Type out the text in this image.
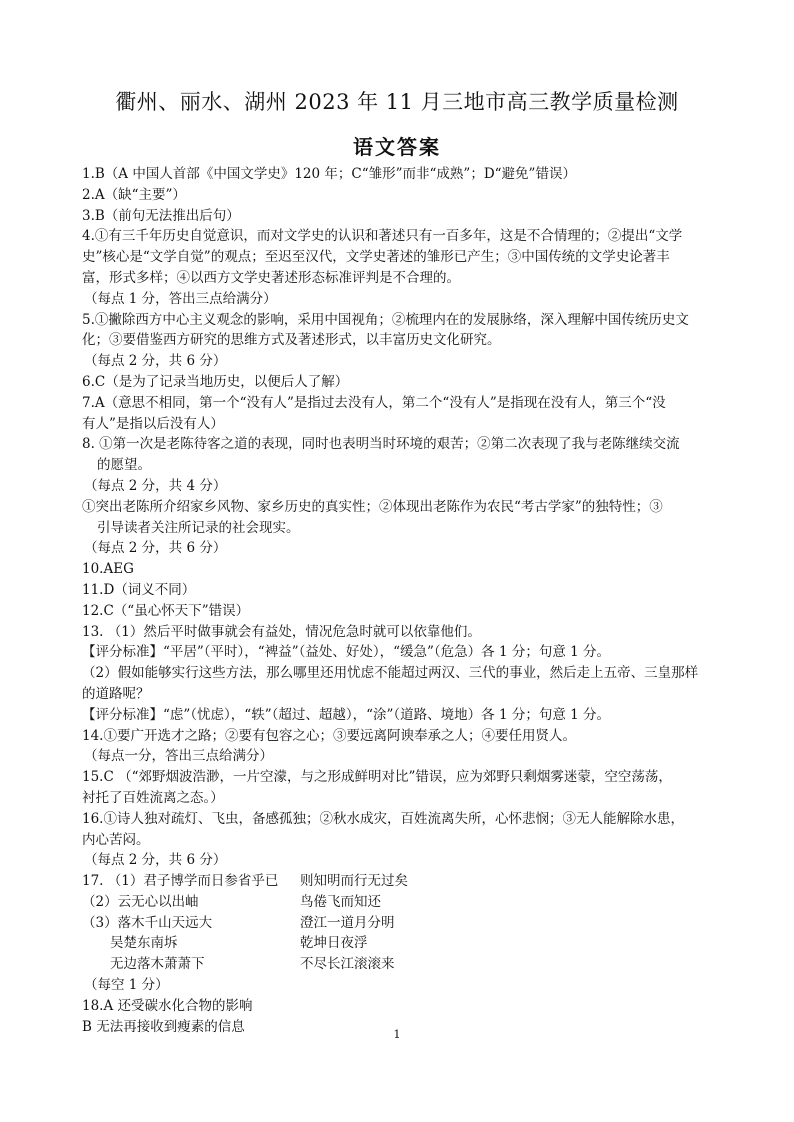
衢州、丽水、湖州 2023 年 11 月三地市高三教学质量检测
语文答案
1.B（A 中国人首部《中国文学史》120 年；C“雏形”而非“成熟”；D“避免”错误）
2.A（缺“主要”）
3.B（前句无法推出后句）
4.①有三千年历史自觉意识，而对文学史的认识和著述只有一百多年，这是不合情理的；②提出“文学
史”核心是“文学自觉”的观点；至迟至汉代，文学史著述的雏形已产生；③中国传统的文学史论著丰
富，形式多样；④以西方文学史著述形态标准评判是不合理的。
（每点 1 分，答出三点给满分）
5.①撇除西方中心主义观念的影响，采用中国视角；②梳理内在的发展脉络，深入理解中国传统历史文
化；③要借鉴西方研究的思维方式及著述形式，以丰富历史文化研究。
（每点 2 分，共 6 分）
6.C（是为了记录当地历史，以便后人了解）
7.A（意思不相同，第一个“没有人”是指过去没有人，第二个“没有人”是指现在没有人，第三个“没
有人”是指以后没有人）
8. ①第一次是老陈待客之道的表现，同时也表明当时环境的艰苦；②第二次表现了我与老陈继续交流
的愿望。
（每点 2 分，共 4 分）
①突出老陈所介绍家乡风物、家乡历史的真实性；②体现出老陈作为农民“考古学家”的独特性；③
引导读者关注所记录的社会现实。
（每点 2 分，共 6 分）
10.AEG
11.D（词义不同）
12.C（“虽心怀天下”错误）
13. （1）然后平时做事就会有益处，情况危急时就可以依靠他们。
【评分标准】“平居”（平时），“裨益”（益处、好处），“缓急”（危急）各 1 分；句意 1 分。
（2）假如能够实行这些方法，那么哪里还用忧虑不能超过两汉、三代的事业，然后走上五帝、三皇那样
的道路呢？
【评分标准】“虑”（忧虑），“轶”（超过、超越），“涂”（道路、境地）各 1 分；句意 1 分。
14.①要广开选才之路；②要有包容之心；③要远离阿谀奉承之人；④要任用贤人。
（每点一分，答出三点给满分）
15.C （“郊野烟波浩渺，一片空濛，与之形成鲜明对比”错误，应为郊野只剩烟雾迷蒙，空空荡荡，
衬托了百姓流离之态。）
16.①诗人独对疏灯、飞虫，备感孤独；②秋水成灾，百姓流离失所，心怀悲悯；③无人能解除水患，
内心苦闷。
（每点 2 分，共 6 分）
17. （1）君子博学而日参省乎已	则知明而行无过矣
（2）云无心以出岫	鸟倦飞而知还
（3）落木千山天远大	澄江一道月分明
吴楚东南坼	乾坤日夜浮
无边落木萧萧下	不尽长江滚滚来
（每空 1 分）
18.A 还受碳水化合物的影响
B 无法再接收到瘦素的信息	1
